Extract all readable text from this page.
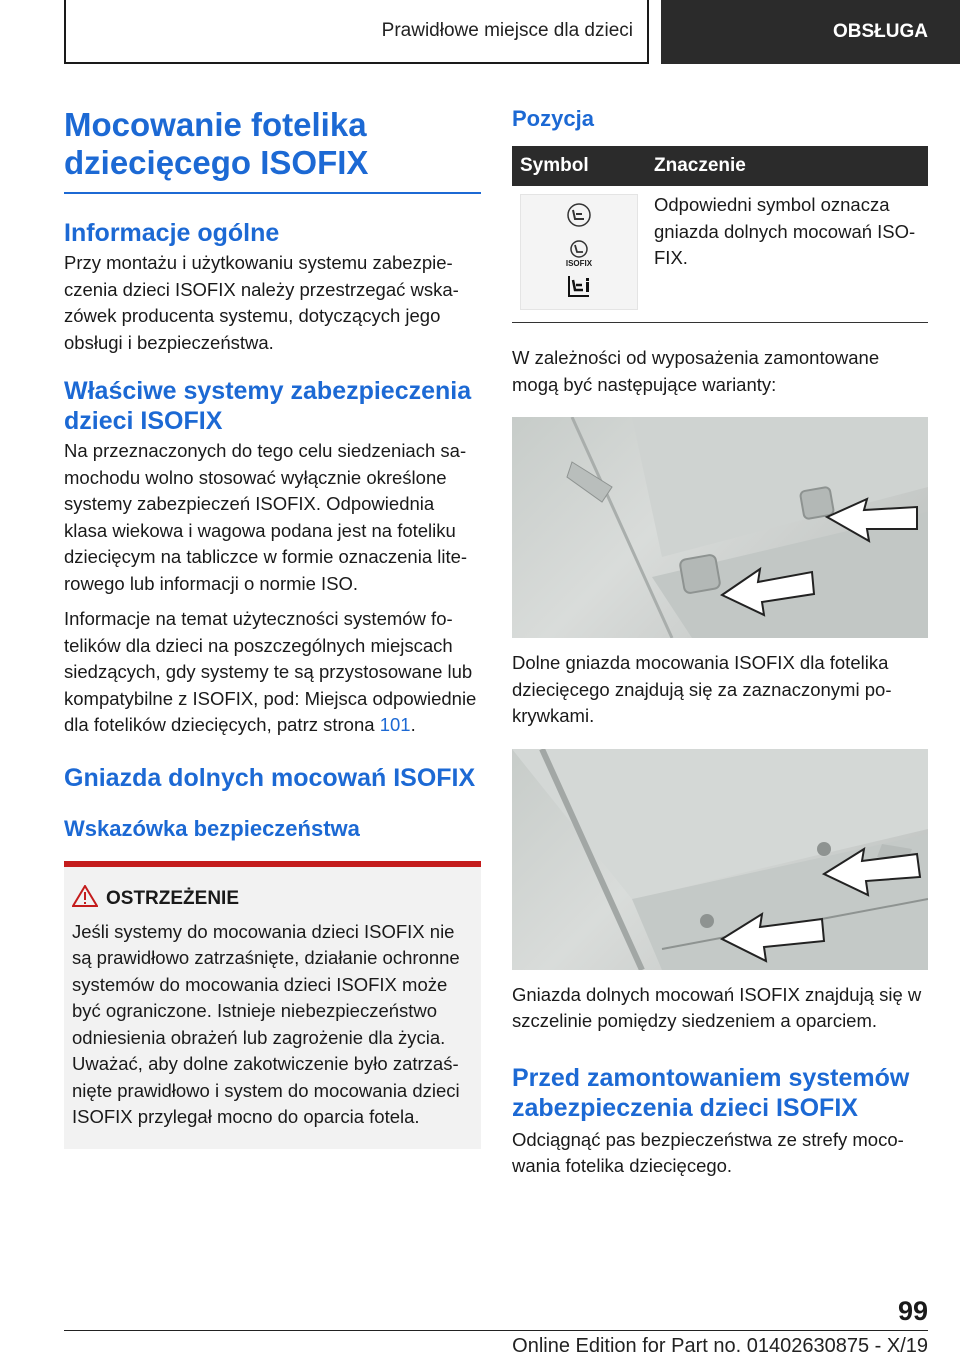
Prawidłowe miejsce dla dzieci	OBSŁUGA
Mocowanie fotelika dziecięcego ISOFIX
Informacje ogólne

Przy montażu i użytkowaniu systemu zabezpieczenia dzieci ISOFIX należy przestrzegać wskazówek producenta systemu, dotyczących jego obsługi i bezpieczeństwa.

Właściwe systemy zabezpieczenia dzieci ISOFIX

Na przeznaczonych do tego celu siedzeniach samochodu wolno stosować wyłącznie określone systemy zabezpieczeń ISOFIX. Odpowiednia klasa wiekowa i wagowa podana jest na foteliku dziecięcym na tabliczce w formie oznaczenia literowego lub informacji o normie ISO.

Informacje na temat użyteczności systemów fotelików dla dzieci na poszczególnych miejscach siedzących, gdy systemy te są przystosowane lub kompatybilne z ISOFIX, pod: Miejsca odpowiednie dla fotelików dziecięcych, patrz strona 101.

Gniazda dolnych mocowań ISOFIX
Wskazówka bezpieczeństwa
OSTRZEŻENIE

Jeśli systemy do mocowania dzieci ISOFIX nie są prawidłowo zatrzaśnięte, działanie ochronne systemów do mocowania dzieci ISOFIX może być ograniczone. Istnieje niebezpieczeństwo odniesienia obrażeń lub zagrożenie dla życia. Uważać, aby dolne zakotwiczenie było zatrzaśnięte prawidłowo i system do mocowania dzieci ISOFIX przylegał mocno do oparcia fotela.

Pozycja
Symbol	Znaczenie

ISOFIX	Odpowiedni symbol oznacza gniazda dolnych mocowań ISOFIX.

W zależności od wyposażenia zamontowane mogą być następujące warianty:

Dolne gniazda mocowania ISOFIX dla fotelika dziecięcego znajdują się za zaznaczonymi pokrywkami.

Gniazda dolnych mocowań ISOFIX znajdują się w szczelinie pomiędzy siedzeniem a oparciem.

Przed zamontowaniem systemów zabezpieczenia dzieci ISOFIX

Odciągnąć pas bezpieczeństwa ze strefy mocowania fotelika dziecięcego.

99
Online Edition for Part no. 01402630875 - X/19
